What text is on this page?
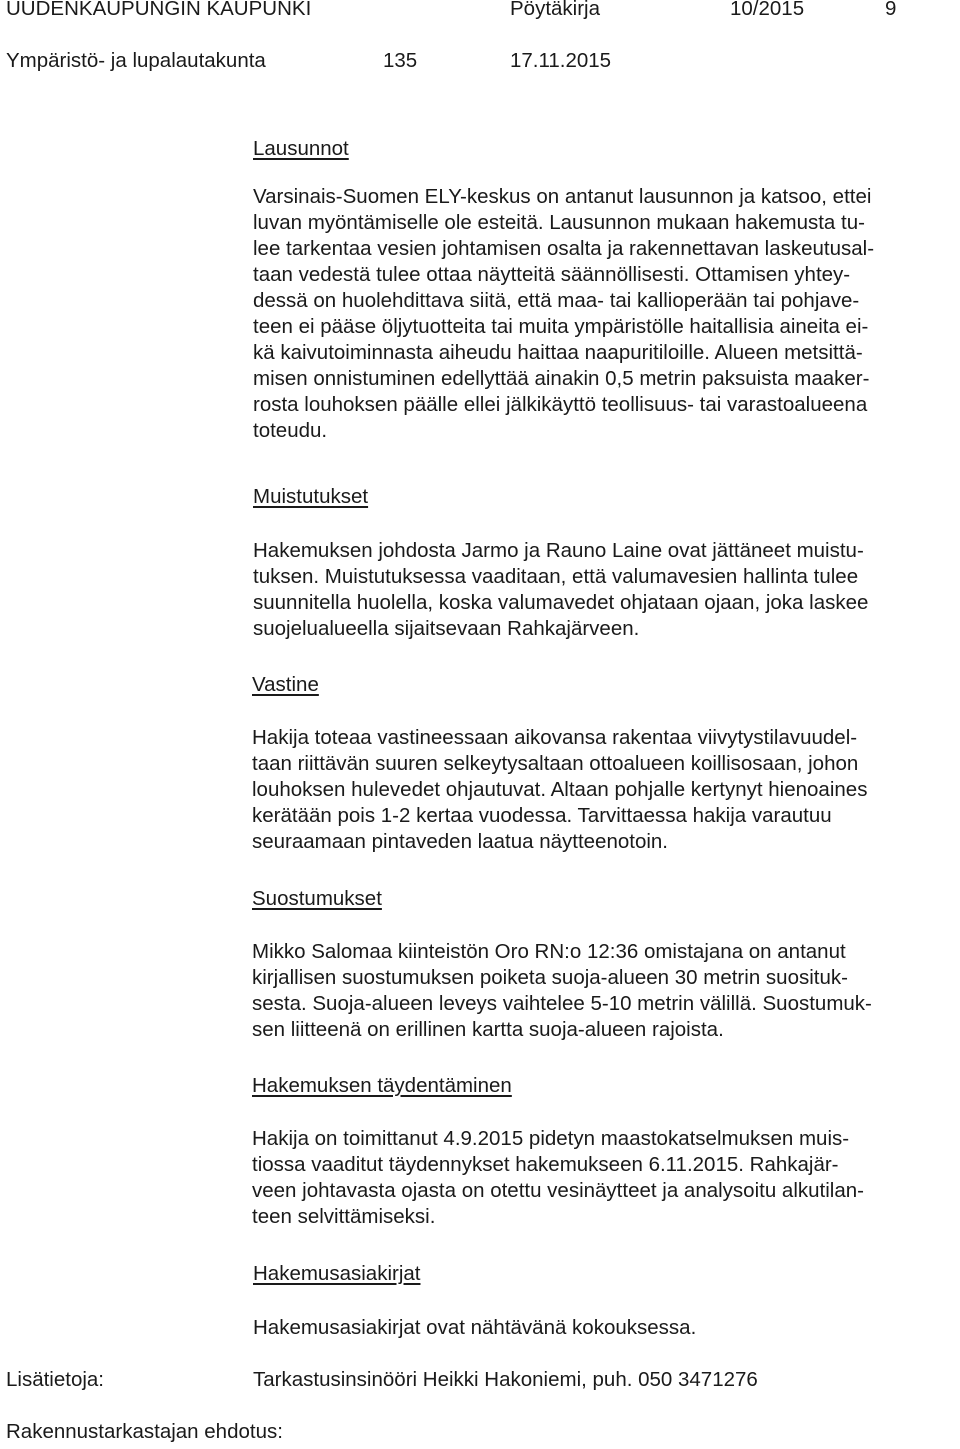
UUDENKAUPUNGIN KAUPUNKI	Pöytäkirja	10/2015	9
Ympäristö- ja lupalautakunta	135	17.11.2015
Lausunnot
Varsinais-Suomen ELY-keskus on antanut lausunnon ja katsoo, ettei
luvan myöntämiselle ole esteitä. Lausunnon mukaan hakemusta tu-
lee tarkentaa vesien johtamisen osalta ja rakennettavan laskeutusal-
taan vedestä tulee ottaa näytteitä säännöllisesti. Ottamisen yhtey-
dessä on huolehdittava siitä, että maa- tai kallioperään tai pohjave-
teen ei pääse öljytuotteita tai muita ympäristölle haitallisia aineita ei-
kä kaivutoiminnasta aiheudu haittaa naapuritiloille. Alueen metsittä-
misen onnistuminen edellyttää ainakin 0,5 metrin paksuista maaker-
rosta louhoksen päälle ellei jälkikäyttö teollisuus- tai varastoalueena
toteudu.
Muistutukset
Hakemuksen johdosta Jarmo ja Rauno Laine ovat jättäneet muistu-
tuksen. Muistutuksessa vaaditaan, että valumavesien hallinta tulee
suunnitella huolella, koska valumavedet ohjataan ojaan, joka laskee
suojelualueella sijaitsevaan Rahkajärveen.
Vastine
Hakija toteaa vastineessaan aikovansa rakentaa viivytystilavuudel-
taan riittävän suuren selkeytysaltaan ottoalueen koillisosaan, johon
louhoksen hulevedet ohjautuvat. Altaan pohjalle kertynyt hienoaines
kerätään pois 1-2 kertaa vuodessa. Tarvittaessa hakija varautuu
seuraamaan pintaveden laatua näytteenotoin.
Suostumukset
Mikko Salomaa kiinteistön Oro RN:o 12:36 omistajana on antanut
kirjallisen suostumuksen poiketa suoja-alueen 30 metrin suosituk-
sesta. Suoja-alueen leveys vaihtelee 5-10 metrin välillä. Suostumuk-
sen liitteenä on erillinen kartta suoja-alueen rajoista.
Hakemuksen täydentäminen
Hakija on toimittanut 4.9.2015 pidetyn maastokatselmuksen muis-
tiossa vaaditut täydennykset hakemukseen 6.11.2015. Rahkajär-
veen johtavasta ojasta on otettu vesinäytteet ja analysoitu alkutilan-
teen selvittämiseksi.
Hakemusasiakirjat
Hakemusasiakirjat ovat nähtävänä kokouksessa.
Lisätietoja:	Tarkastusinsinööri Heikki Hakoniemi, puh. 050 3471276
Rakennustarkastajan ehdotus:
